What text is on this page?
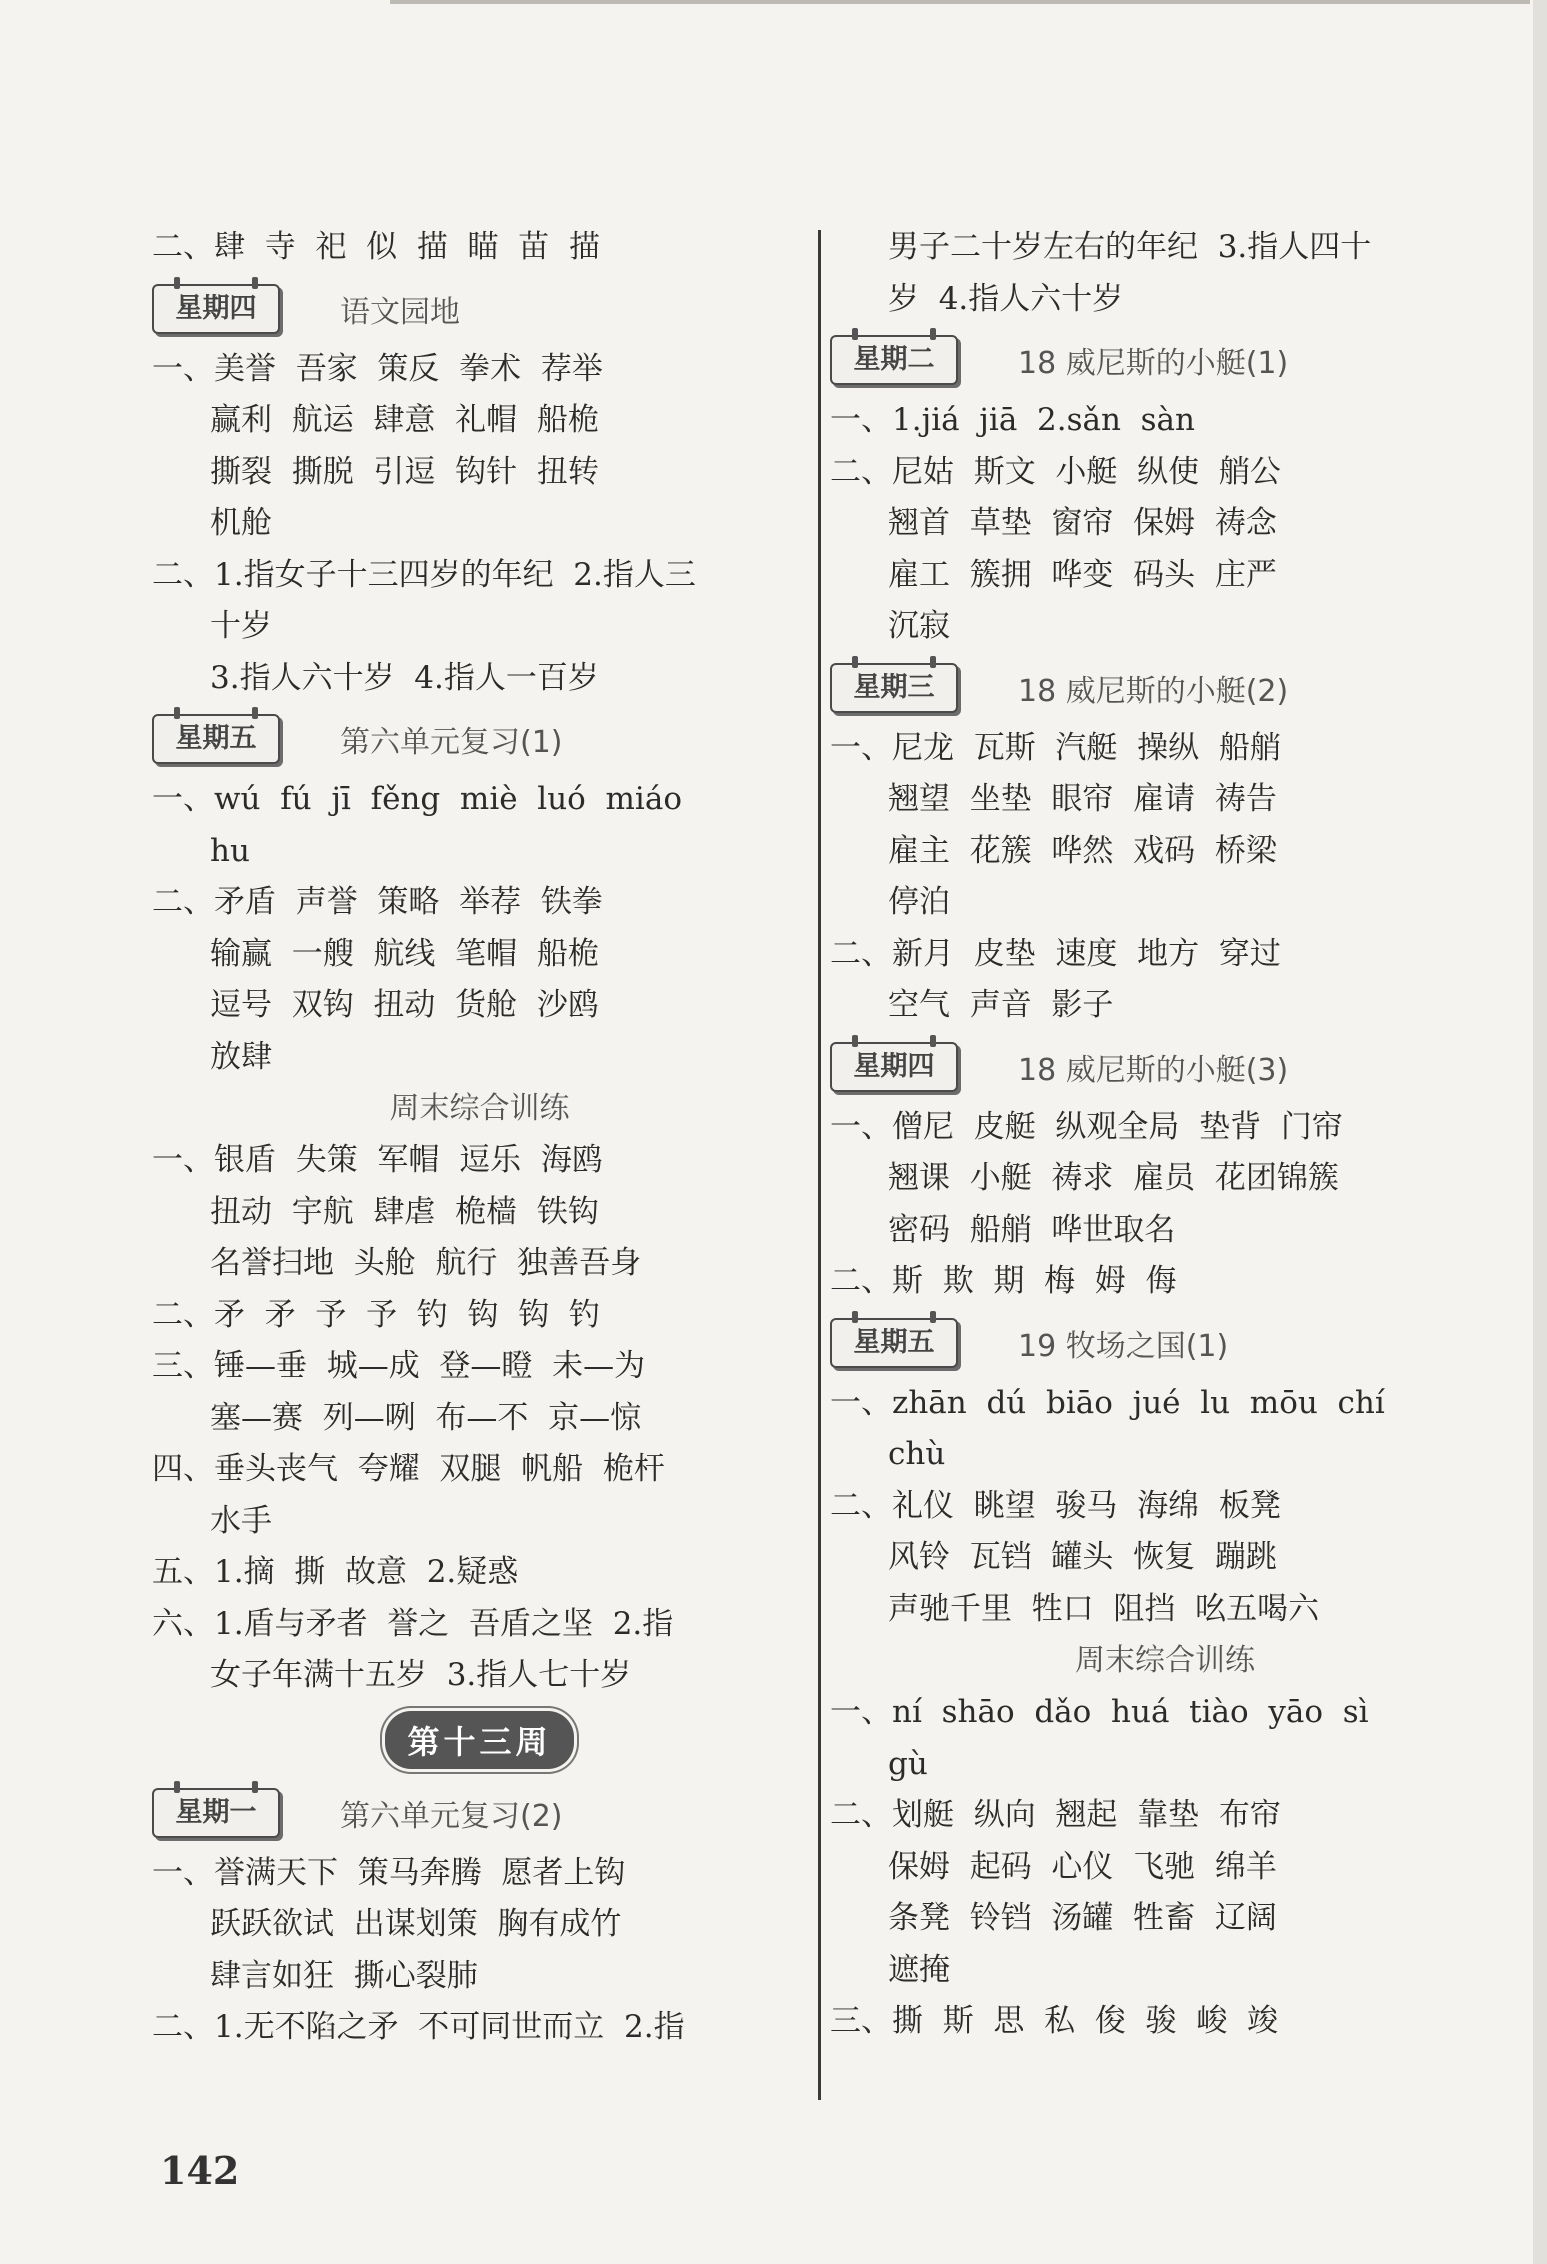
二、肆  寺  祀  似  描  瞄  苗  描
星期四	语文园地
一、美誉  吾家  策反  拳术  荐举
赢利  航运  肆意  礼帽  船桅
撕裂  撕脱  引逗  钩针  扭转
机舱
二、1.指女子十三四岁的年纪  2.指人三
十岁
3.指人六十岁  4.指人一百岁
星期五	第六单元复习(1)
一、wú  fú  jī  fěng  miè  luó  miáo
hu
二、矛盾  声誉  策略  举荐  铁拳
输赢  一艘  航线  笔帽  船桅
逗号  双钩  扭动  货舱  沙鸥
放肆
周末综合训练
一、银盾  失策  军帽  逗乐  海鸥
扭动  宇航  肆虐  桅樯  铁钩
名誉扫地  头舱  航行  独善吾身
二、矛  矛  予  予  钓  钩  钩  钓
三、锤—垂  城—成  登—瞪  未—为
塞—赛  列—咧  布—不  京—惊
四、垂头丧气  夸耀  双腿  帆船  桅杆
水手
五、1.摘  撕  故意  2.疑惑
六、1.盾与矛者  誉之  吾盾之坚  2.指
女子年满十五岁  3.指人七十岁
第十三周
星期一	第六单元复习(2)
一、誉满天下  策马奔腾  愿者上钩
跃跃欲试  出谋划策  胸有成竹
肆言如狂  撕心裂肺
二、1.无不陷之矛  不可同世而立  2.指
男子二十岁左右的年纪  3.指人四十
岁  4.指人六十岁
星期二	18 威尼斯的小艇(1)
一、1.jiá  jiā  2.sǎn  sàn
二、尼姑  斯文  小艇  纵使  艄公
翘首  草垫  窗帘  保姆  祷念
雇工  簇拥  哗变  码头  庄严
沉寂
星期三	18 威尼斯的小艇(2)
一、尼龙  瓦斯  汽艇  操纵  船艄
翘望  坐垫  眼帘  雇请  祷告
雇主  花簇  哗然  戏码  桥梁
停泊
二、新月  皮垫  速度  地方  穿过
空气  声音  影子
星期四	18 威尼斯的小艇(3)
一、僧尼  皮艇  纵观全局  垫背  门帘
翘课  小艇  祷求  雇员  花团锦簇
密码  船艄  哗世取名
二、斯  欺  期  梅  姆  侮
星期五	19 牧场之国(1)
一、zhān  dú  biāo  jué  lu  mōu  chí
chù
二、礼仪  眺望  骏马  海绵  板凳
风铃  瓦铛  罐头  恢复  蹦跳
声驰千里  牲口  阻挡  吆五喝六
周末综合训练
一、ní  shāo  dǎo  huá  tiào  yāo  sì
gù
二、划艇  纵向  翘起  靠垫  布帘
保姆  起码  心仪  飞驰  绵羊
条凳  铃铛  汤罐  牲畜  辽阔
遮掩
三、撕  斯  思  私  俊  骏  峻  竣
142
